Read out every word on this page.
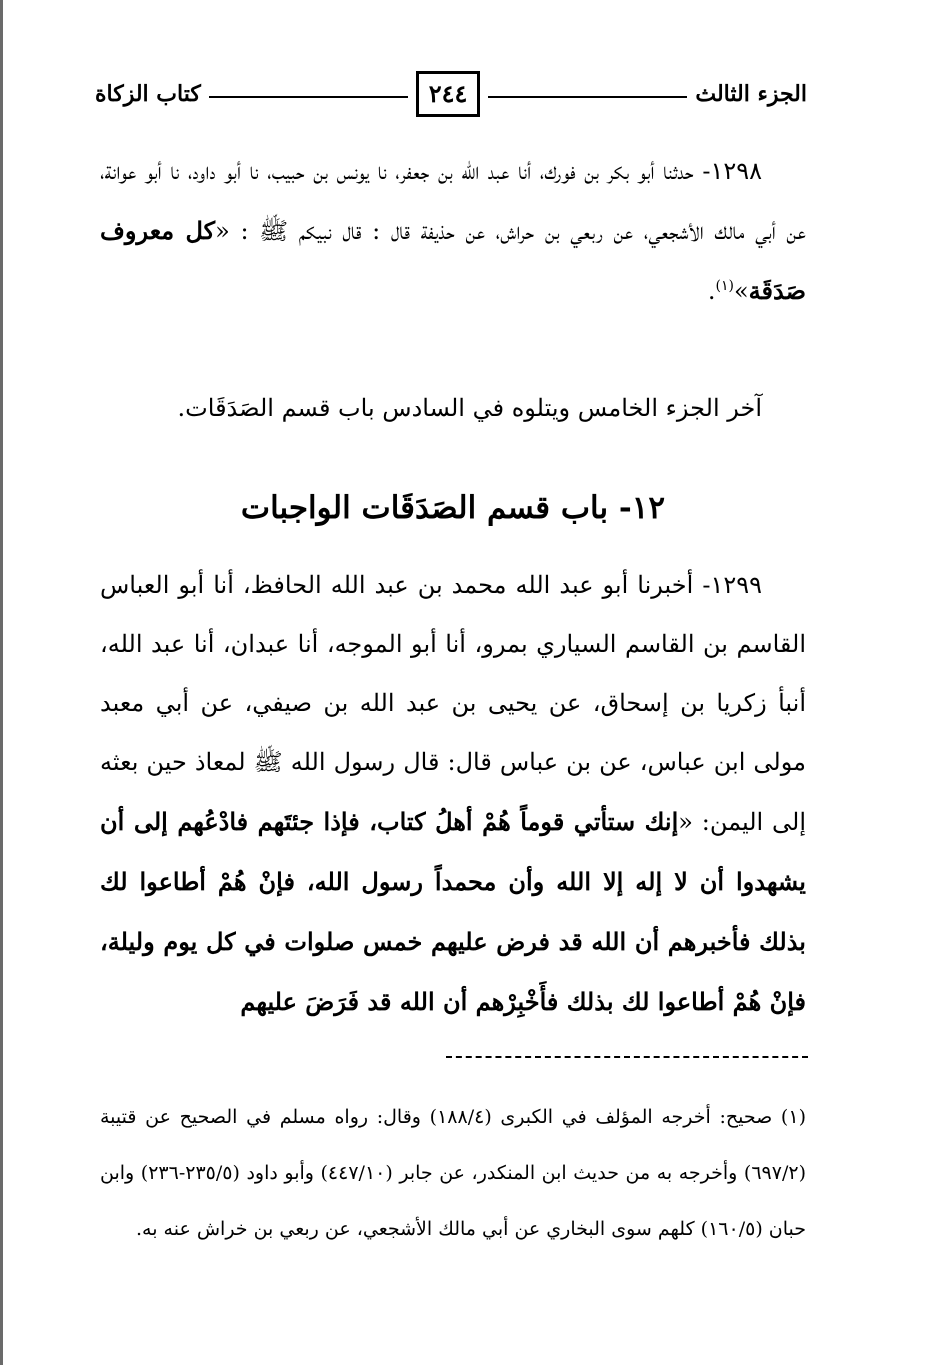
الجزء الثالث
٢٤٤
كتاب الزكاة
١٢٩٨- حدثنا أبو بكر بن فورك، أنا عبد الله بن جعفر، نا يونس بن حبيب، نا أبو داود، نا أبو عوانة، عن أبي مالك الأشجعي، عن ربعي بن حراش، عن حذيفة قال : قال نبيكم ﷺ : «كل معروف صَدَقَة»$^{(١)}$.
آخر الجزء الخامس ويتلوه في السادس باب قسم الصَدَقَات.
١٢- باب قسم الصَدَقَات الواجبات
١٢٩٩- أخبرنا أبو عبد الله محمد بن عبد الله الحافظ، أنا أبو العباس القاسم بن القاسم السياري بمرو، أنا أبو الموجه، أنا عبدان، أنا عبد الله، أنبأ زكريا بن إسحاق، عن يحيى بن عبد الله بن صيفي، عن أبي معبد مولى ابن عباس، عن بن عباس قال: قال رسول الله ﷺ لمعاذ حين بعثه إلى اليمن: «إنك ستأتي قوماً هُمْ أهلُ كتاب، فإذا جئتَهم فادْعُهم إلى أن يشهدوا أن لا إله إلا الله وأن محمداً رسول الله، فإنْ هُمْ أطاعوا لك بذلك فأخبرهم أن الله قد فرض عليهم خمس صلوات في كل يوم وليلة، فإنْ هُمْ أطاعوا لك بذلك فأَخْبِرْهم أن الله قد فَرَضَ عليهم
(١) صحيح: أخرجه المؤلف في الكبرى (١٨٨/٤) وقال: رواه مسلم في الصحيح عن قتيبة (٦٩٧/٢) وأخرجه به من حديث ابن المنكدر، عن جابر (٤٤٧/١٠) وأبو داود (٢٣٥/٥-٢٣٦) وابن حبان (١٦٠/٥) كلهم سوى البخاري عن أبي مالك الأشجعي، عن ربعي بن خراش عنه به.
